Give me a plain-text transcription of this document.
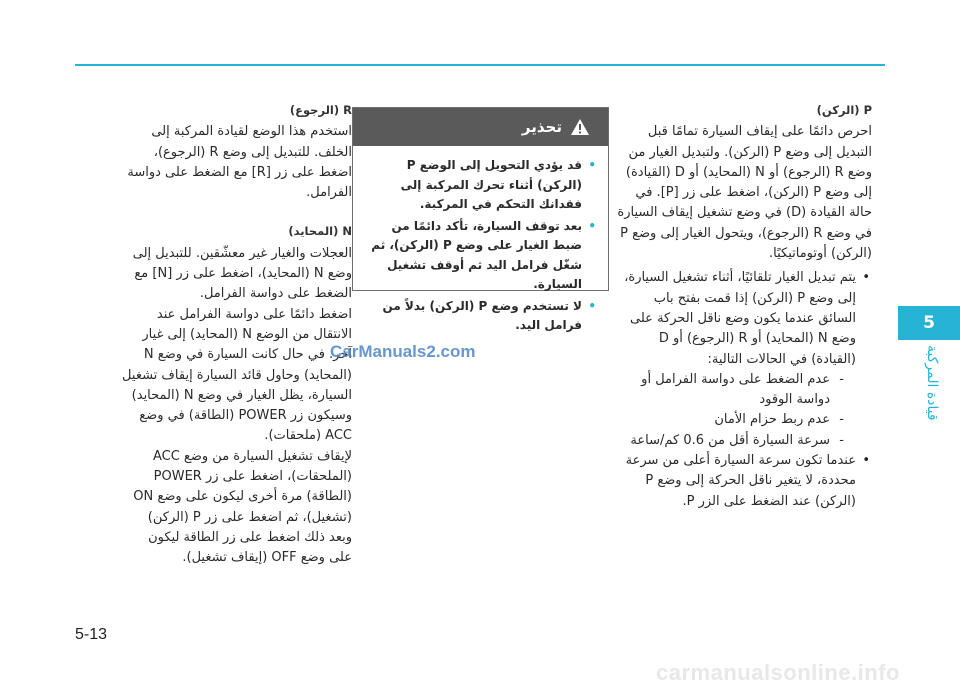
5
قيادة المركبة

P (الركن)

احرص دائمًا على إيقاف السيارة تمامًا قبل التبديل إلى وضع P (الركن). ولتبديل الغيار من وضع R (الرجوع) أو N (المحايد) أو D (القيادة) إلى وضع P (الركن)، اضغط على زر [P]. في حالة القيادة (D) في وضع تشغيل إيقاف السيارة في وضع R (الرجوع)، ويتحول الغيار إلى وضع P (الركن) أوتوماتيكيًا.

• يتم تبديل الغيار تلقائيًا، أثناء تشغيل السيارة، إلى وضع P (الركن) إذا قمت بفتح باب السائق عندما يكون وضع ناقل الحركة على وضع N (المحايد) أو R (الرجوع) أو D (القيادة) في الحالات التالية:
- عدم الضغط على دواسة الفرامل أو دواسة الوقود
- عدم ربط حزام الأمان
- سرعة السيارة أقل من 0.6 كم/ساعة
• عندما تكون سرعة السيارة أعلى من سرعة محددة، لا يتغير ناقل الحركة إلى وضع P (الركن) عند الضغط على الزر P.
تحذير
• قد يؤدي التحويل إلى الوضع P (الركن) أثناء تحرك المركبة إلى فقدانك التحكم في المركبة.
• بعد توقف السيارة، تأكد دائمًا من ضبط الغيار على وضع P (الركن)، ثم شغّل فرامل اليد ثم أوقف تشغيل السيارة.
• لا تستخدم وضع P (الركن) بدلاً من فرامل اليد.

R (الرجوع)

استخدم هذا الوضع لقيادة المركبة إلى الخلف. للتبديل إلى وضع R (الرجوع)، اضغط على زر [R] مع الضغط على دواسة الفرامل.

N (المحايد)

العجلات والغيار غير معشّقين. للتبديل إلى وضع N (المحايد)، اضغط على زر [N] مع الضغط على دواسة الفرامل.

اضغط دائمًا على دواسة الفرامل عند الانتقال من الوضع N (المحايد) إلى غيار آخر. في حال كانت السيارة في وضع N (المحايد) وحاول قائد السيارة إيقاف تشغيل السيارة، يظل الغيار في وضع N (المحايد) وسيكون زر POWER (الطاقة) في وضع ACC (ملحقات).

لإيقاف تشغيل السيارة من وضع ACC (الملحقات)، اضغط على زر POWER (الطاقة) مرة أخرى ليكون على وضع ON (تشغيل)، ثم اضغط على زر P (الركن) وبعد ذلك اضغط على زر الطاقة ليكون على وضع OFF (إيقاف تشغيل).

CarManuals2.com
5-13
carmanualsonline.info
